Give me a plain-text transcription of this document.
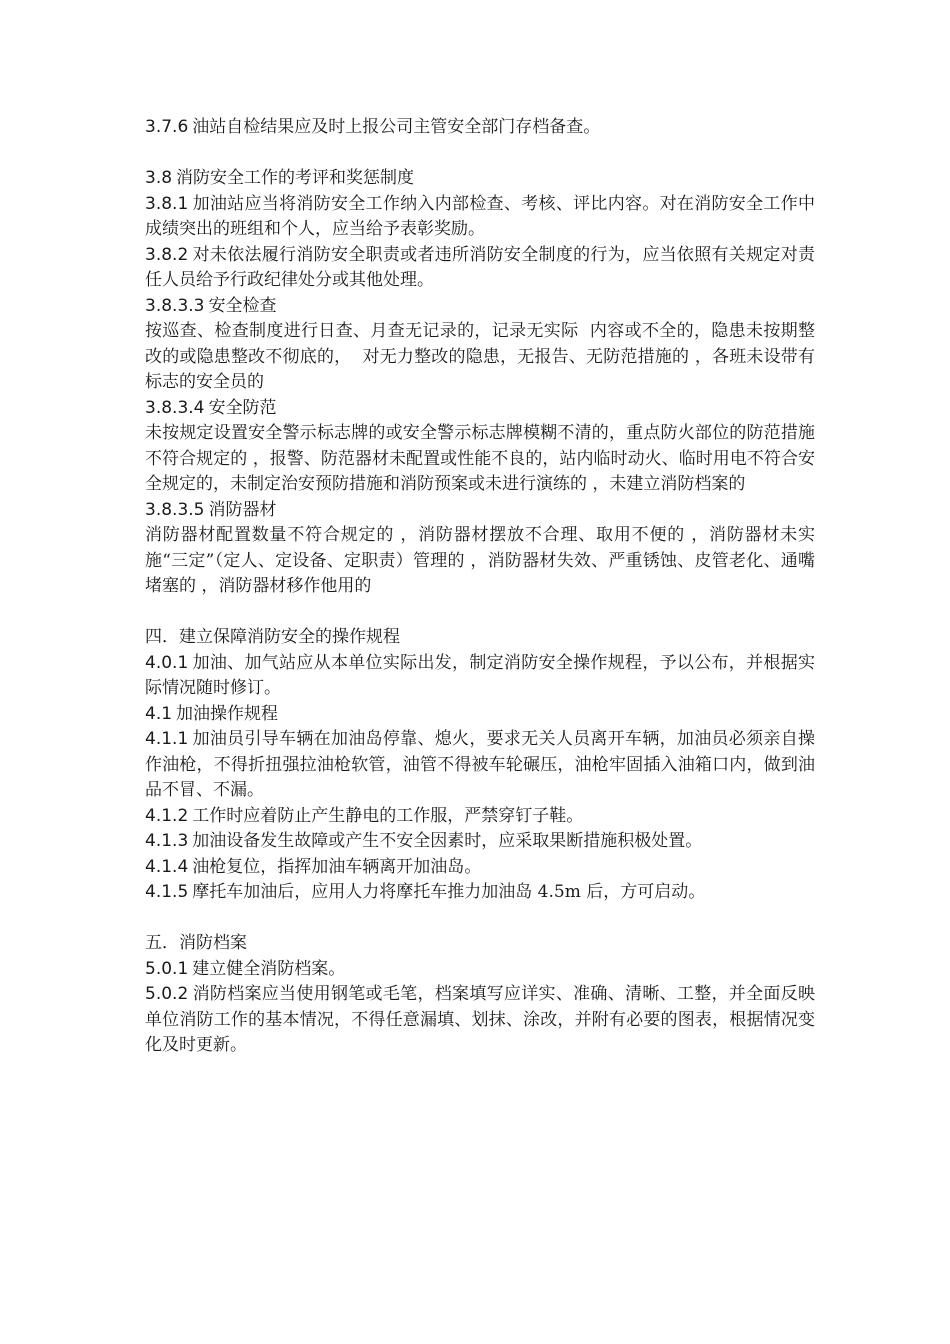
3.7.6 油站自检结果应及时上报公司主管安全部门存档备查。

3.8 消防安全工作的考评和奖惩制度

3.8.1 加油站应当将消防安全工作纳入内部检查、考核、评比内容。对在消防安全工作中成绩突出的班组和个人，应当给予表彰奖励。

3.8.2 对未依法履行消防安全职责或者违所消防安全制度的行为，应当依照有关规定对责任人员给予行政纪律处分或其他处理。

3.8.3.3 安全检查

按巡查、检查制度进行日查、月查无记录的，记录无实际  内容或不全的，隐患未按期整改的或隐患整改不彻底的，  对无力整改的隐患，无报告、无防范措施的 ，各班未设带有标志的安全员的

3.8.3.4 安全防范

未按规定设置安全警示标志牌的或安全警示标志牌模糊不清的，重点防火部位的防范措施不符合规定的 ，报警、防范器材未配置或性能不良的，站内临时动火、临时用电不符合安全规定的，未制定治安预防措施和消防预案或未进行演练的 ，未建立消防档案的

3.8.3.5 消防器材

消防器材配置数量不符合规定的 ，消防器材摆放不合理、取用不便的 ，消防器材未实施“三定”（定人、定设备、定职责）管理的 ，消防器材失效、严重锈蚀、皮管老化、通嘴堵塞的 ，消防器材移作他用的

四．建立保障消防安全的操作规程

4.0.1 加油、加气站应从本单位实际出发，制定消防安全操作规程，予以公布，并根据实际情况随时修订。

4.1 加油操作规程

4.1.1 加油员引导车辆在加油岛停靠、熄火，要求无关人员离开车辆，加油员必须亲自操作油枪，不得折扭强拉油枪软管，油管不得被车轮碾压，油枪牢固插入油箱口内，做到油品不冒、不漏。

4.1.2 工作时应着防止产生静电的工作服，严禁穿钉子鞋。

4.1.3 加油设备发生故障或产生不安全因素时，应采取果断措施积极处置。

4.1.4 油枪复位，指挥加油车辆离开加油岛。

4.1.5 摩托车加油后，应用人力将摩托车推力加油岛 4.5m 后，方可启动。

五．消防档案

5.0.1 建立健全消防档案。

5.0.2 消防档案应当使用钢笔或毛笔，档案填写应详实、准确、清晰、工整，并全面反映单位消防工作的基本情况，不得任意漏填、划抹、涂改，并附有必要的图表，根据情况变化及时更新。
